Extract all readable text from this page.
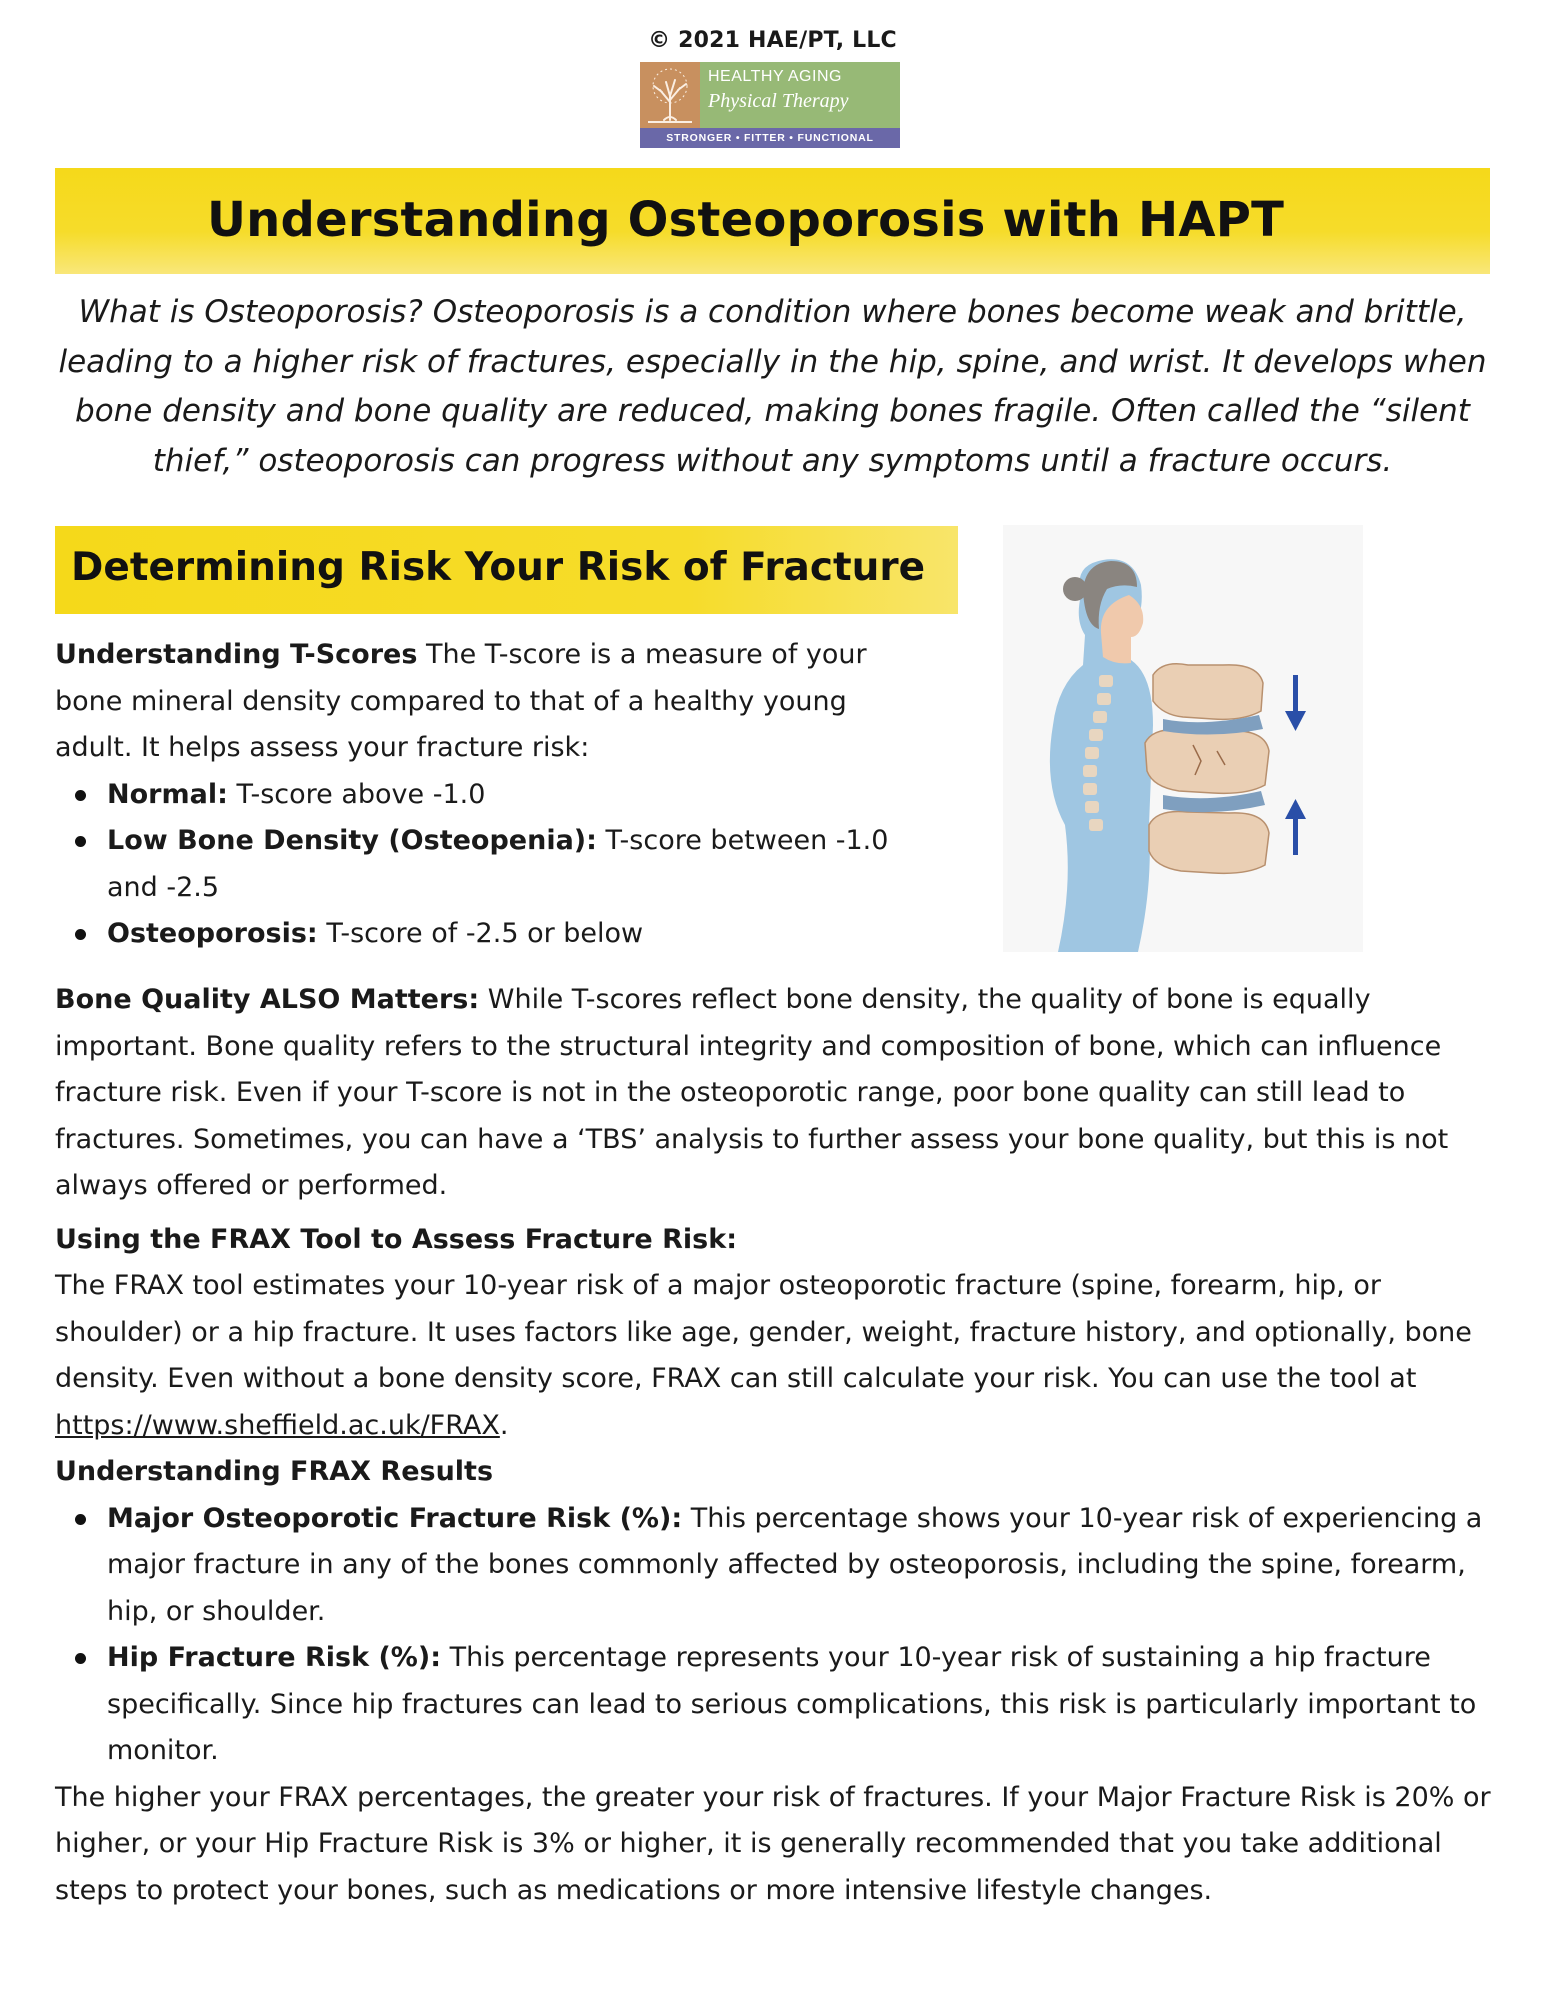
© 2021 HAE/PT, LLC
HEALTHY AGING
Physical Therapy
STRONGER • FITTER • FUNCTIONAL
Understanding Osteoporosis with HAPT
What is Osteoporosis? Osteoporosis is a condition where bones become weak and brittle, leading to a higher risk of fractures, especially in the hip, spine, and wrist. It develops when bone density and bone quality are reduced, making bones fragile. Often called the “silent thief,” osteoporosis can progress without any symptoms until a fracture occurs.
Determining Risk Your Risk of Fracture

Understanding T-Scores The T-score is a measure of your bone mineral density compared to that of a healthy young adult. It helps assess your fracture risk:

Normal: T-score above -1.0
Low Bone Density (Osteopenia): T-score between -1.0 and -2.5
Osteoporosis: T-score of -2.5 or below

Bone Quality ALSO Matters: While T-scores reflect bone density, the quality of bone is equally important. Bone quality refers to the structural integrity and composition of bone, which can influence fracture risk. Even if your T-score is not in the osteoporotic range, poor bone quality can still lead to fractures. Sometimes, you can have a ‘TBS’ analysis to further assess your bone quality, but this is not always offered or performed.

Using the FRAX Tool to Assess Fracture Risk:

The FRAX tool estimates your 10-year risk of a major osteoporotic fracture (spine, forearm, hip, or shoulder) or a hip fracture. It uses factors like age, gender, weight, fracture history, and optionally, bone density. Even without a bone density score, FRAX can still calculate your risk. You can use the tool at https://www.sheffield.ac.uk/FRAX.

Understanding FRAX Results

Major Osteoporotic Fracture Risk (%): This percentage shows your 10-year risk of experiencing a major fracture in any of the bones commonly affected by osteoporosis, including the spine, forearm, hip, or shoulder.
Hip Fracture Risk (%): This percentage represents your 10-year risk of sustaining a hip fracture specifically. Since hip fractures can lead to serious complications, this risk is particularly important to monitor.

The higher your FRAX percentages, the greater your risk of fractures. If your Major Fracture Risk is 20% or higher, or your Hip Fracture Risk is 3% or higher, it is generally recommended that you take additional steps to protect your bones, such as medications or more intensive lifestyle changes.
